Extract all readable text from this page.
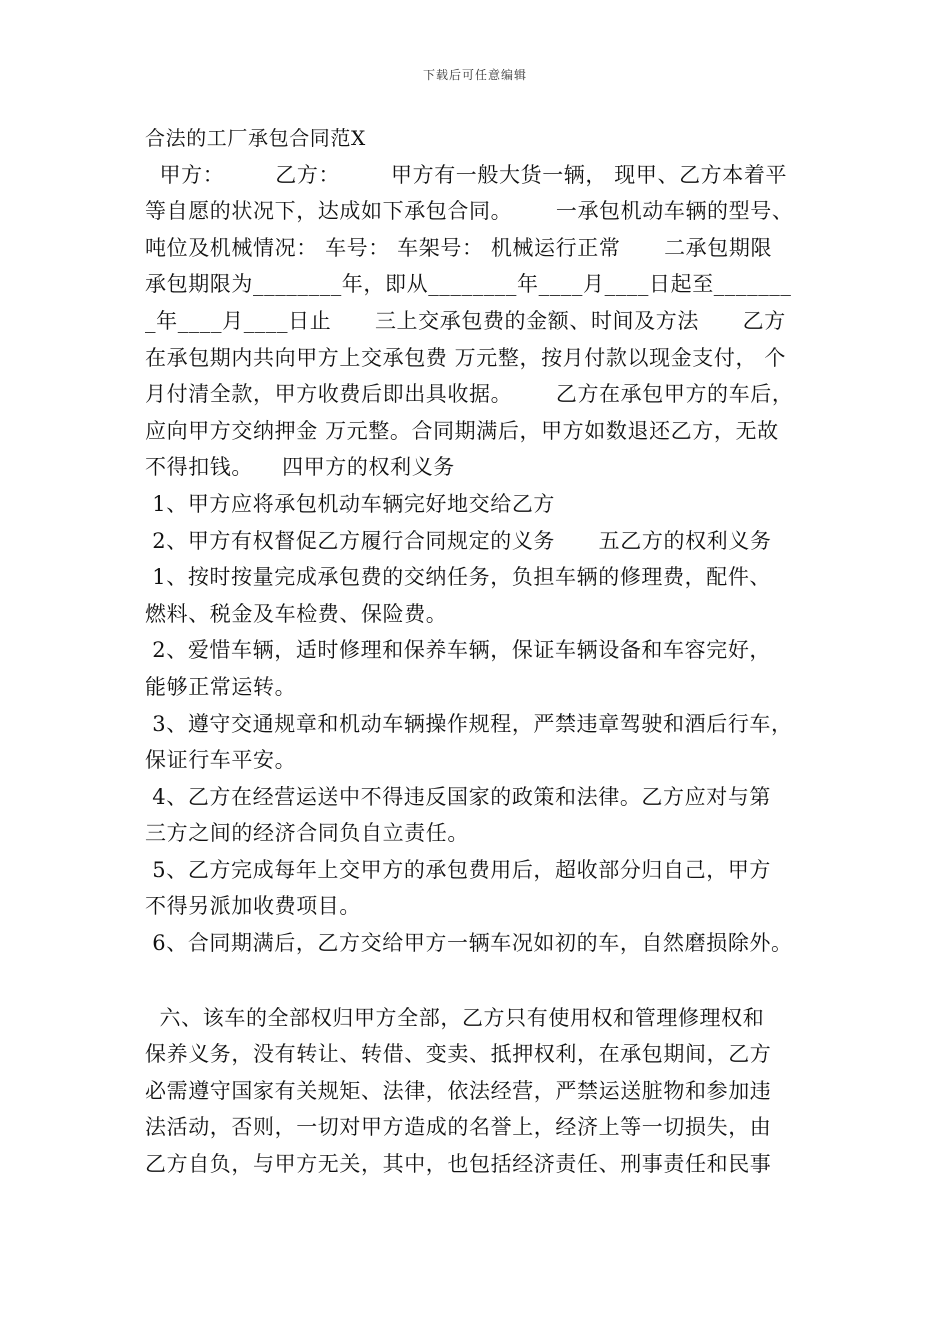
下载后可任意编辑
合法的工厂承包合同范X
甲方：       乙方：       甲方有一般大货一辆， 现甲、乙方本着平
等自愿的状况下，达成如下承包合同。      一承包机动车辆的型号、
吨位及机械情况： 车号： 车架号： 机械运行正常      二承包期限
承包期限为________年，即从________年____月____日起至_______
_年____月____日止      三上交承包费的金额、时间及方法      乙方
在承包期内共向甲方上交承包费 万元整，按月付款以现金支付， 个
月付清全款，甲方收费后即出具收据。      乙方在承包甲方的车后，
应向甲方交纳押金 万元整。合同期满后，甲方如数退还乙方，无故
不得扣钱。    四甲方的权利义务
1、甲方应将承包机动车辆完好地交给乙方
2、甲方有权督促乙方履行合同规定的义务      五乙方的权利义务
1、按时按量完成承包费的交纳任务，负担车辆的修理费，配件、
燃料、税金及车检费、保险费。
2、爱惜车辆，适时修理和保养车辆，保证车辆设备和车容完好，
能够正常运转。
3、遵守交通规章和机动车辆操作规程，严禁违章驾驶和酒后行车，
保证行车平安。
4、乙方在经营运送中不得违反国家的政策和法律。乙方应对与第
三方之间的经济合同负自立责任。
5、乙方完成每年上交甲方的承包费用后，超收部分归自己，甲方
不得另派加收费项目。
6、合同期满后，乙方交给甲方一辆车况如初的车，自然磨损除外。
六、该车的全部权归甲方全部，乙方只有使用权和管理修理权和
保养义务，没有转让、转借、变卖、抵押权利，在承包期间，乙方
必需遵守国家有关规矩、法律，依法经营，严禁运送脏物和参加违
法活动，否则，一切对甲方造成的名誉上，经济上等一切损失，由
乙方自负，与甲方无关，其中，也包括经济责任、刑事责任和民事
